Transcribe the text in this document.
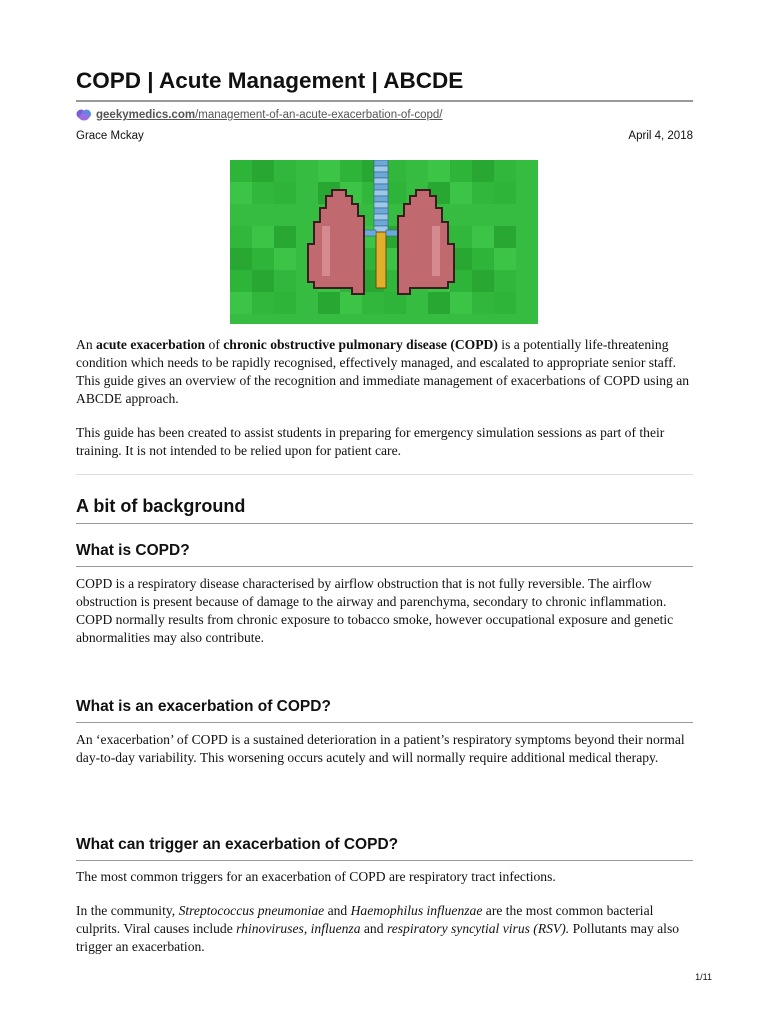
COPD | Acute Management | ABCDE
geekymedics.com /management-of-an-acute-exacerbation-of-copd/
Grace Mckay	April 4, 2018

An acute exacerbation of chronic obstructive pulmonary disease (COPD) is a potentially life-threatening condition which needs to be rapidly recognised, effectively managed, and escalated to appropriate senior staff. This guide gives an overview of the recognition and immediate management of exacerbations of COPD using an ABCDE approach.

This guide has been created to assist students in preparing for emergency simulation sessions as part of their training. It is not intended to be relied upon for patient care.

A bit of background
What is COPD?

COPD is a respiratory disease characterised by airflow obstruction that is not fully reversible. The airflow obstruction is present because of damage to the airway and parenchyma, secondary to chronic inflammation. COPD normally results from chronic exposure to tobacco smoke, however occupational exposure and genetic abnormalities may also contribute.

What is an exacerbation of COPD?

An ‘exacerbation’ of COPD is a sustained deterioration in a patient’s respiratory symptoms beyond their normal day-to-day variability. This worsening occurs acutely and will normally require additional medical therapy.

What can trigger an exacerbation of COPD?

The most common triggers for an exacerbation of COPD are respiratory tract infections.

In the community, Streptococcus pneumoniae and Haemophilus influenzae are the most common bacterial culprits. Viral causes include rhinoviruses, influenza and respiratory syncytial virus (RSV). Pollutants may also trigger an exacerbation.

1/11
